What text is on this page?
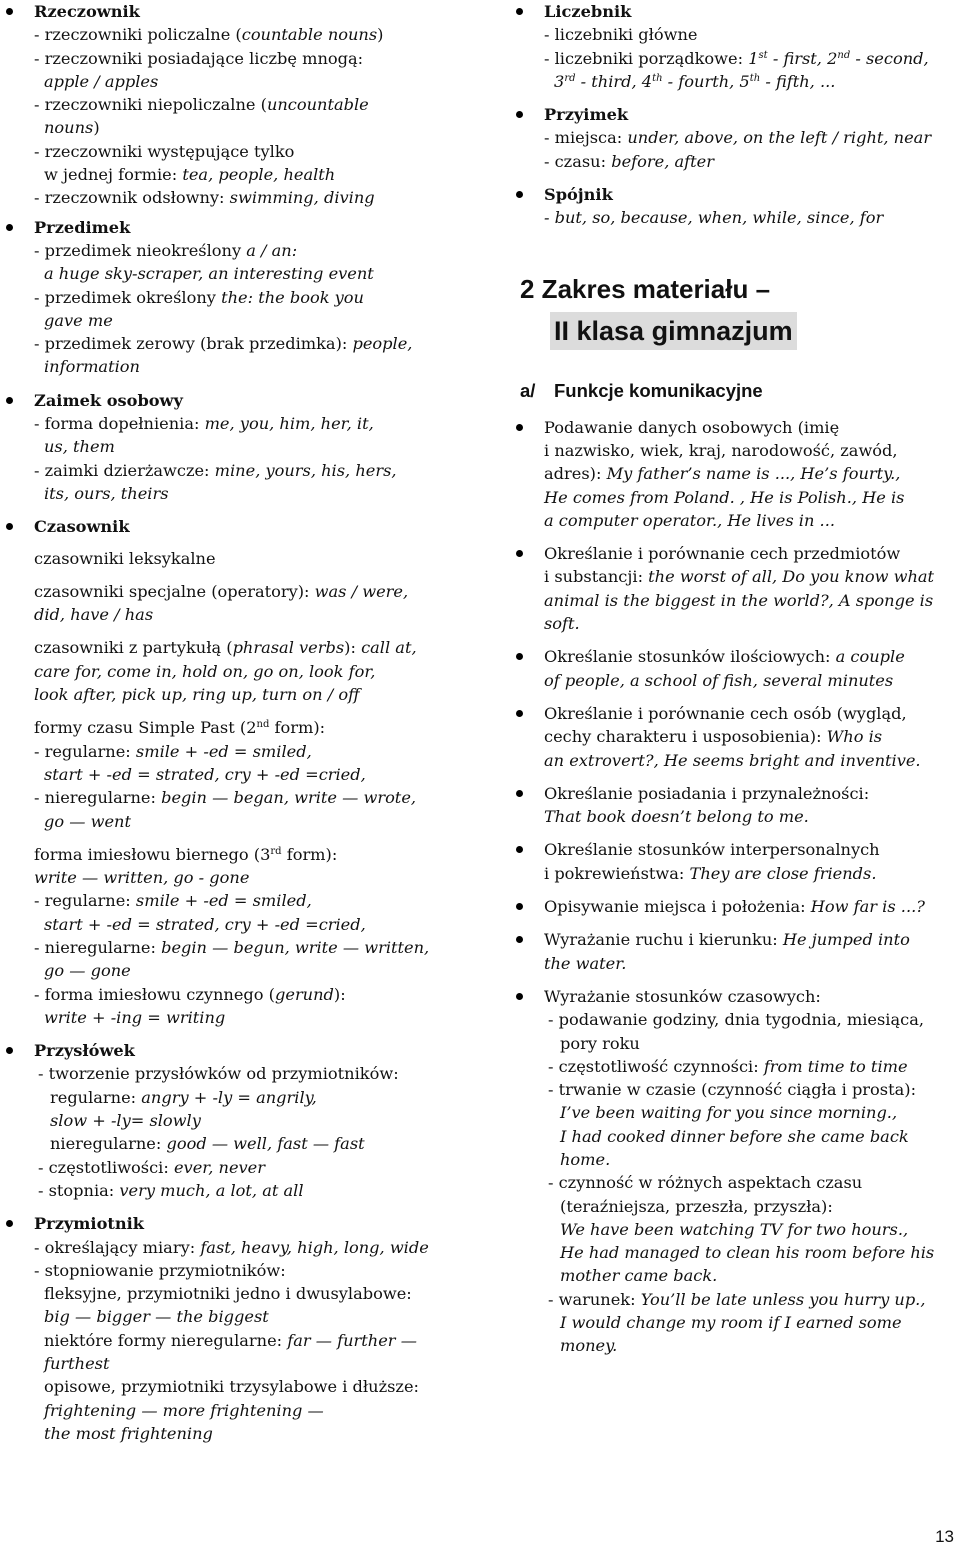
Rzeczownik
- rzeczowniki policzalne (countable nouns)
- rzeczowniki posiadające liczbę mnogą:
apple / apples
- rzeczowniki niepoliczalne (uncountable
nouns)
- rzeczowniki występujące tylko
w jednej formie: tea, people, health
- rzeczownik odsłowny: swimming, diving
Przedimek
- przedimek nieokreślony a / an:
a huge sky-scraper, an interesting event
- przedimek określony the: the book you
gave me
- przedimek zerowy (brak przedimka): people,
information
Zaimek osobowy
- forma dopełnienia: me, you, him, her, it,
us, them
- zaimki dzierżawcze: mine, yours, his, hers,
its, ours, theirs
Czasownik
czasowniki leksykalne
czasowniki specjalne (operatory): was / were,
did, have / has
czasowniki z partykułą (phrasal verbs): call at,
care for, come in, hold on, go on, look for,
look after, pick up, ring up, turn on / off
formy czasu Simple Past (2nd form):
- regularne: smile + -ed = smiled,
start + -ed = strated, cry + -ed =cried,
- nieregularne: begin — began, write — wrote,
go — went
forma imiesłowu biernego (3rd form):
write — written, go - gone
- regularne: smile + -ed = smiled,
start + -ed = strated, cry + -ed =cried,
- nieregularne: begin — begun, write — written,
go — gone
- forma imiesłowu czynnego (gerund):
write + -ing = writing
Przysłówek
- tworzenie przysłówków od przymiotników:
regularne: angry + -ly = angrily,
slow + -ly= slowly
nieregularne: good — well, fast — fast
- częstotliwości: ever, never
- stopnia: very much, a lot, at all
Przymiotnik
- określający miary: fast, heavy, high, long, wide
- stopniowanie przymiotników:
fleksyjne, przymiotniki jedno i dwusylabowe:
big — bigger — the biggest
niektóre formy nieregularne: far — further —
furthest
opisowe, przymiotniki trzysylabowe i dłuższe:
frightening — more frightening —
the most frightening
Liczebnik
- liczebniki główne
- liczebniki porządkowe: 1st - first, 2nd - second,
3rd - third, 4th - fourth, 5th - fifth, ...
Przyimek
- miejsca: under, above, on the left / right, near
- czasu: before, after
Spójnik
- but, so, because, when, while, since, for
2 Zakres materiału –
II klasa gimnazjum
a/ Funkcje komunikacyjne
Podawanie danych osobowych (imię
i nazwisko, wiek, kraj, narodowość, zawód,
adres): My father’s name is ..., He’s fourty.,
He comes from Poland. , He is Polish., He is
a computer operator., He lives in ...
Określanie i porównanie cech przedmiotów
i substancji: the worst of all, Do you know what
animal is the biggest in the world?, A sponge is
soft.
Określanie stosunków ilościowych: a couple
of people, a school of fish, several minutes
Określanie i porównanie cech osób (wygląd,
cechy charakteru i usposobienia): Who is
an extrovert?, He seems bright and inventive.
Określanie posiadania i przynależności:
That book doesn’t belong to me.
Określanie stosunków interpersonalnych
i pokrewieństwa: They are close friends.
Opisywanie miejsca i położenia: How far is ...?
Wyrażanie ruchu i kierunku: He jumped into
the water.
Wyrażanie stosunków czasowych:
- podawanie godziny, dnia tygodnia, miesiąca,
pory roku
- częstotliwość czynności: from time to time
- trwanie w czasie (czynność ciągła i prosta):
I’ve been waiting for you since morning.,
I had cooked dinner before she came back
home.
- czynność w różnych aspektach czasu
(teraźniejsza, przeszła, przyszła):
We have been watching TV for two hours.,
He had managed to clean his room before his
mother came back.
- warunek: You’ll be late unless you hurry up.,
I would change my room if I earned some
money.
13
